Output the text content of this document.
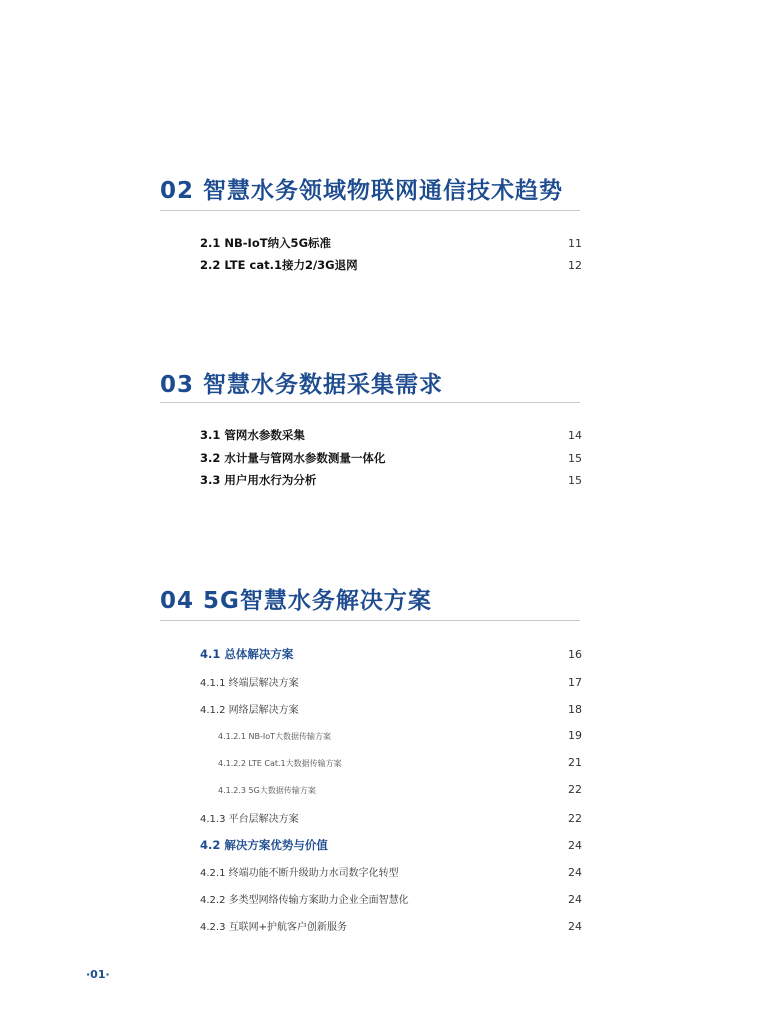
02 智慧水务领域物联网通信技术趋势
2.1 NB-IoT纳入5G标准	11
2.2 LTE cat.1接力2/3G退网	12
03 智慧水务数据采集需求
3.1 管网水参数采集	14
3.2 水计量与管网水参数测量一体化	15
3.3 用户用水行为分析	15
04 5G智慧水务解决方案
4.1 总体解决方案	16
4.1.1 终端层解决方案	17
4.1.2 网络层解决方案	18
4.1.2.1 NB-IoT大数据传输方案	19
4.1.2.2 LTE Cat.1大数据传输方案	21
4.1.2.3 5G大数据传输方案	22
4.1.3 平台层解决方案	22
4.2 解决方案优势与价值	24
4.2.1 终端功能不断升级助力水司数字化转型	24
4.2.2 多类型网络传输方案助力企业全面智慧化	24
4.2.3 互联网+护航客户创新服务	24
·01·
